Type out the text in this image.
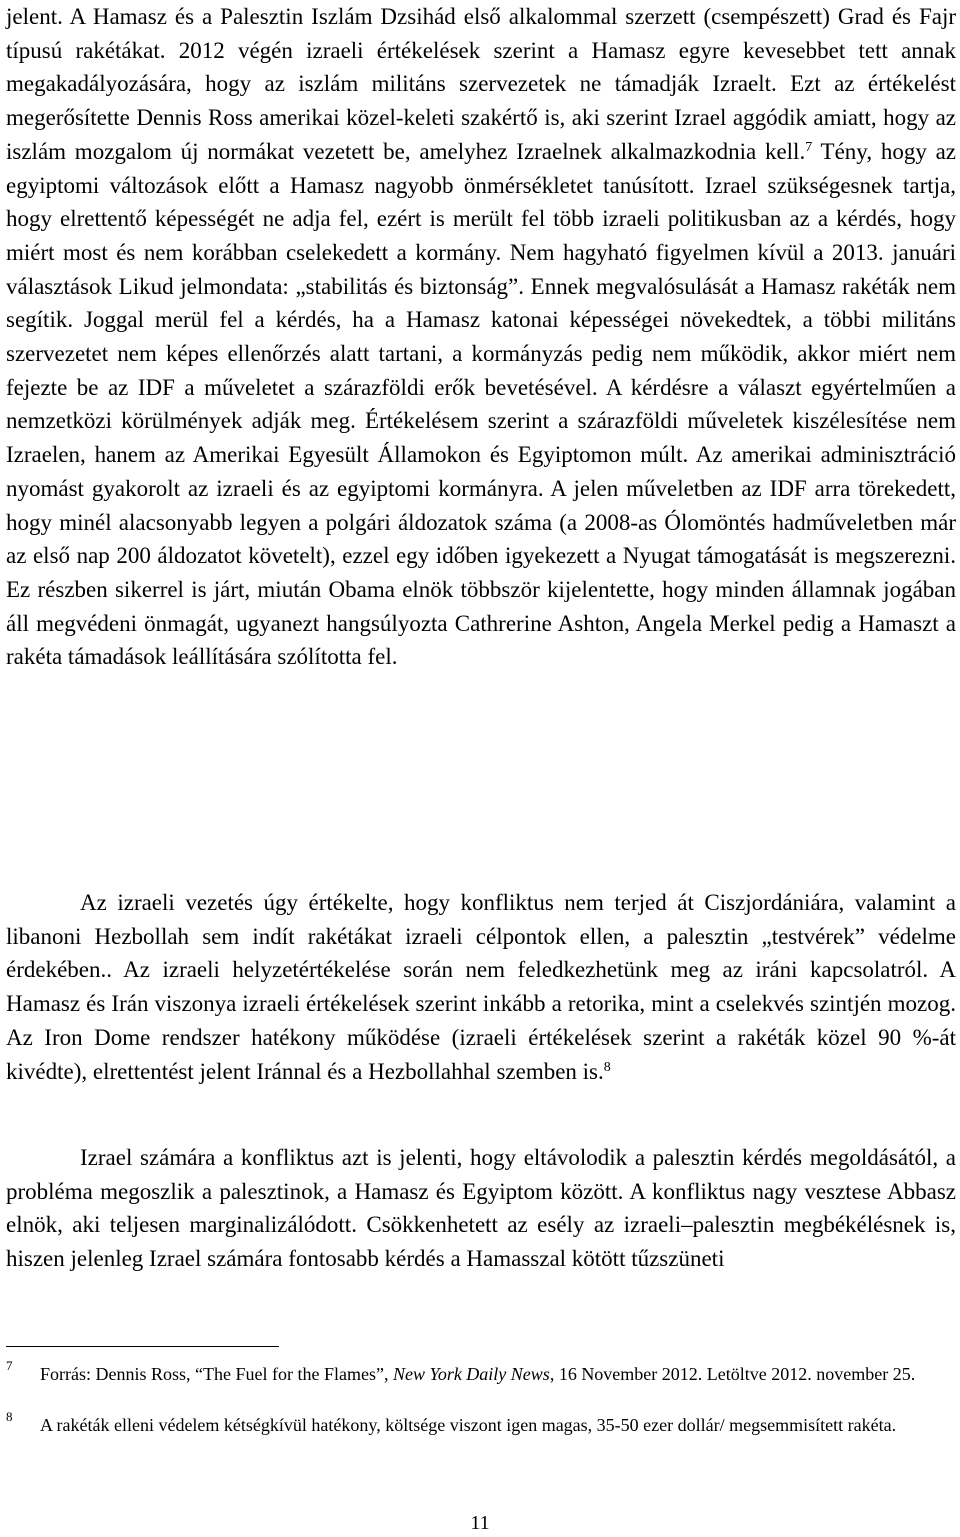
jelent. A Hamasz és a Palesztin Iszlám Dzsihád első alkalommal szerzett (csempészett) Grad és Fajr típusú rakétákat. 2012 végén izraeli értékelések szerint a Hamasz egyre kevesebbet tett annak megakadályozására, hogy az iszlám militáns szervezetek ne támadják Izraelt. Ezt az értékelést megerősítette Dennis Ross amerikai közel-keleti szakértő is, aki szerint Izrael aggódik amiatt, hogy az iszlám mozgalom új normákat vezetett be, amelyhez Izraelnek alkalmazkodnia kell.$^7$ Tény, hogy az egyiptomi változások előtt a Hamasz nagyobb önmérsékletet tanúsított. Izrael szükségesnek tartja, hogy elrettentő képességét ne adja fel, ezért is merült fel több izraeli politikusban az a kérdés, hogy miért most és nem korábban cselekedett a kormány. Nem hagyható figyelmen kívül a 2013. januári választások Likud jelmondata: „stabilitás és biztonság”. Ennek megvalósulását a Hamasz rakéták nem segítik. Joggal merül fel a kérdés, ha a Hamasz katonai képességei növekedtek, a többi militáns szervezetet nem képes ellenőrzés alatt tartani, a kormányzás pedig nem működik, akkor miért nem fejezte be az IDF a műveletet a szárazföldi erők bevetésével. A kérdésre a választ egyértelműen a nemzetközi körülmények adják meg. Értékelésem szerint a szárazföldi műveletek kiszélesítése nem Izraelen, hanem az Amerikai Egyesült Államokon és Egyiptomon múlt. Az amerikai adminisztráció nyomást gyakorolt az izraeli és az egyiptomi kormányra. A jelen műveletben az IDF arra törekedett, hogy minél alacsonyabb legyen a polgári áldozatok száma (a 2008-as Ólomöntés hadműveletben már az első nap 200 áldozatot követelt), ezzel egy időben igyekezett a Nyugat támogatását is megszerezni. Ez részben sikerrel is járt, miután Obama elnök többször kijelentette, hogy minden államnak jogában áll megvédeni önmagát, ugyanezt hangsúlyozta Cathrerine Ashton, Angela Merkel pedig a Hamaszt a rakéta támadások leállítására szólította fel.

Az izraeli vezetés úgy értékelte, hogy konfliktus nem terjed át Ciszjordániára, valamint a libanoni Hezbollah sem indít rakétákat izraeli célpontok ellen, a palesztin „testvérek” védelme érdekében.. Az izraeli helyzetértékelése során nem feledkezhetünk meg az iráni kapcsolatról. A Hamasz és Irán viszonya izraeli értékelések szerint inkább a retorika, mint a cselekvés szintjén mozog. Az Iron Dome rendszer hatékony működése (izraeli értékelések szerint a rakéták közel 90 %-át kivédte), elrettentést jelent Iránnal és a Hezbollahhal szemben is.$^8$

Izrael számára a konfliktus azt is jelenti, hogy eltávolodik a palesztin kérdés megoldásától, a probléma megoszlik a palesztinok, a Hamasz és Egyiptom között. A konfliktus nagy vesztese Abbasz elnök, aki teljesen marginalizálódott. Csökkenhetett az esély az izraeli–palesztin megbékélésnek is, hiszen jelenleg Izrael számára fontosabb kérdés a Hamasszal kötött tűzszüneti

7 Forrás: Dennis Ross, “The Fuel for the Flames”, New York Daily News, 16 November 2012. Letöltve 2012. november 25.
8 A rakéták elleni védelem kétségkívül hatékony, költsége viszont igen magas, 35-50 ezer dollár/ megsemmisített rakéta.
11
